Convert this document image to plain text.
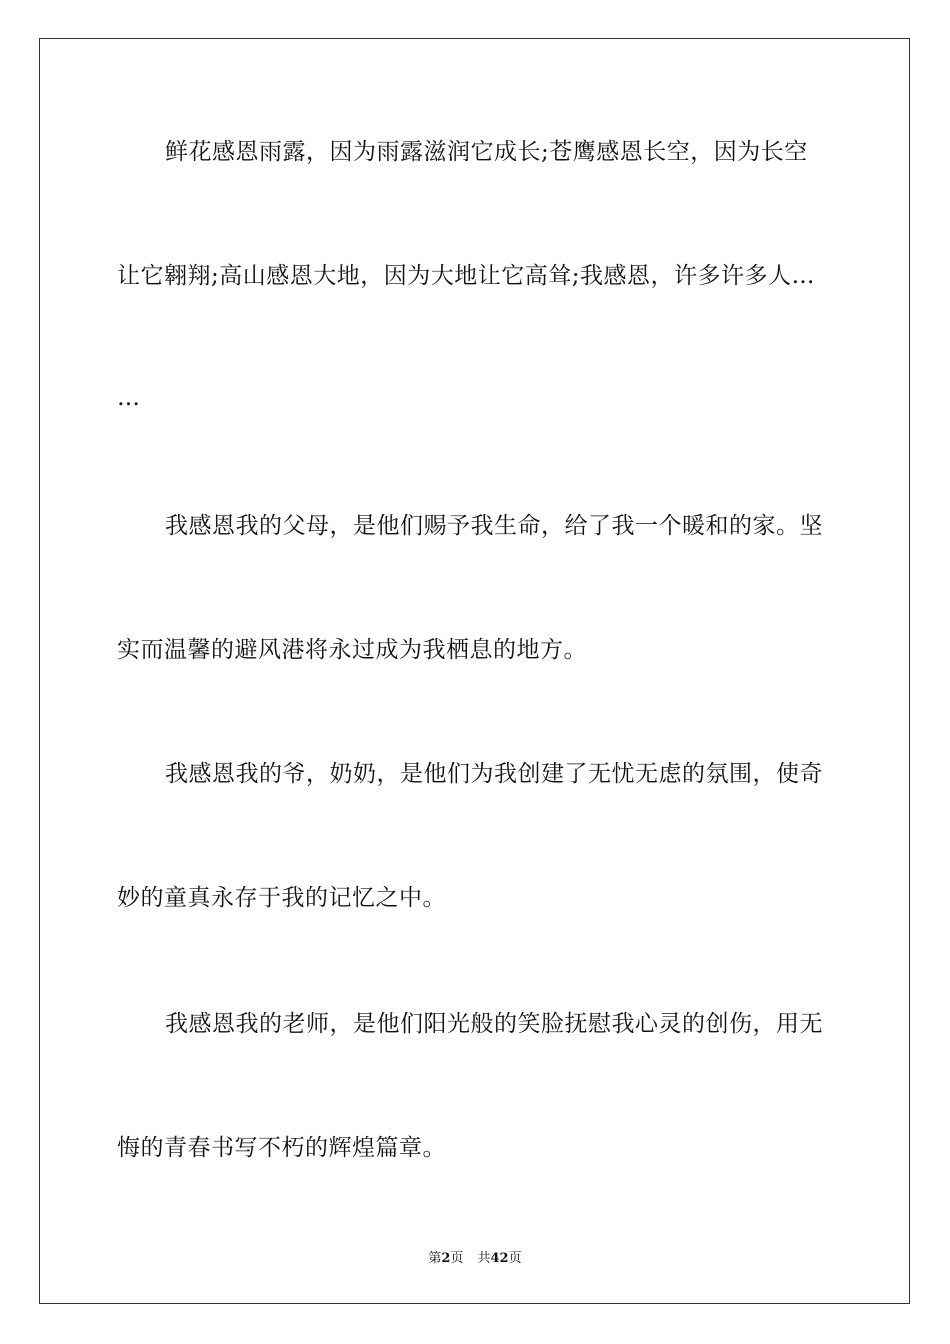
鲜花感恩雨露，因为雨露滋润它成长;苍鹰感恩长空，因为长空
让它翱翔;高山感恩大地，因为大地让它高耸;我感恩，许多许多人…
…
我感恩我的父母，是他们赐予我生命，给了我一个暖和的家。坚
实而温馨的避风港将永过成为我栖息的地方。
我感恩我的爷，奶奶，是他们为我创建了无忧无虑的氛围，使奇
妙的童真永存于我的记忆之中。
我感恩我的老师，是他们阳光般的笑脸抚慰我心灵的创伤，用无
悔的青春书写不朽的辉煌篇章。
第2页 共42页
